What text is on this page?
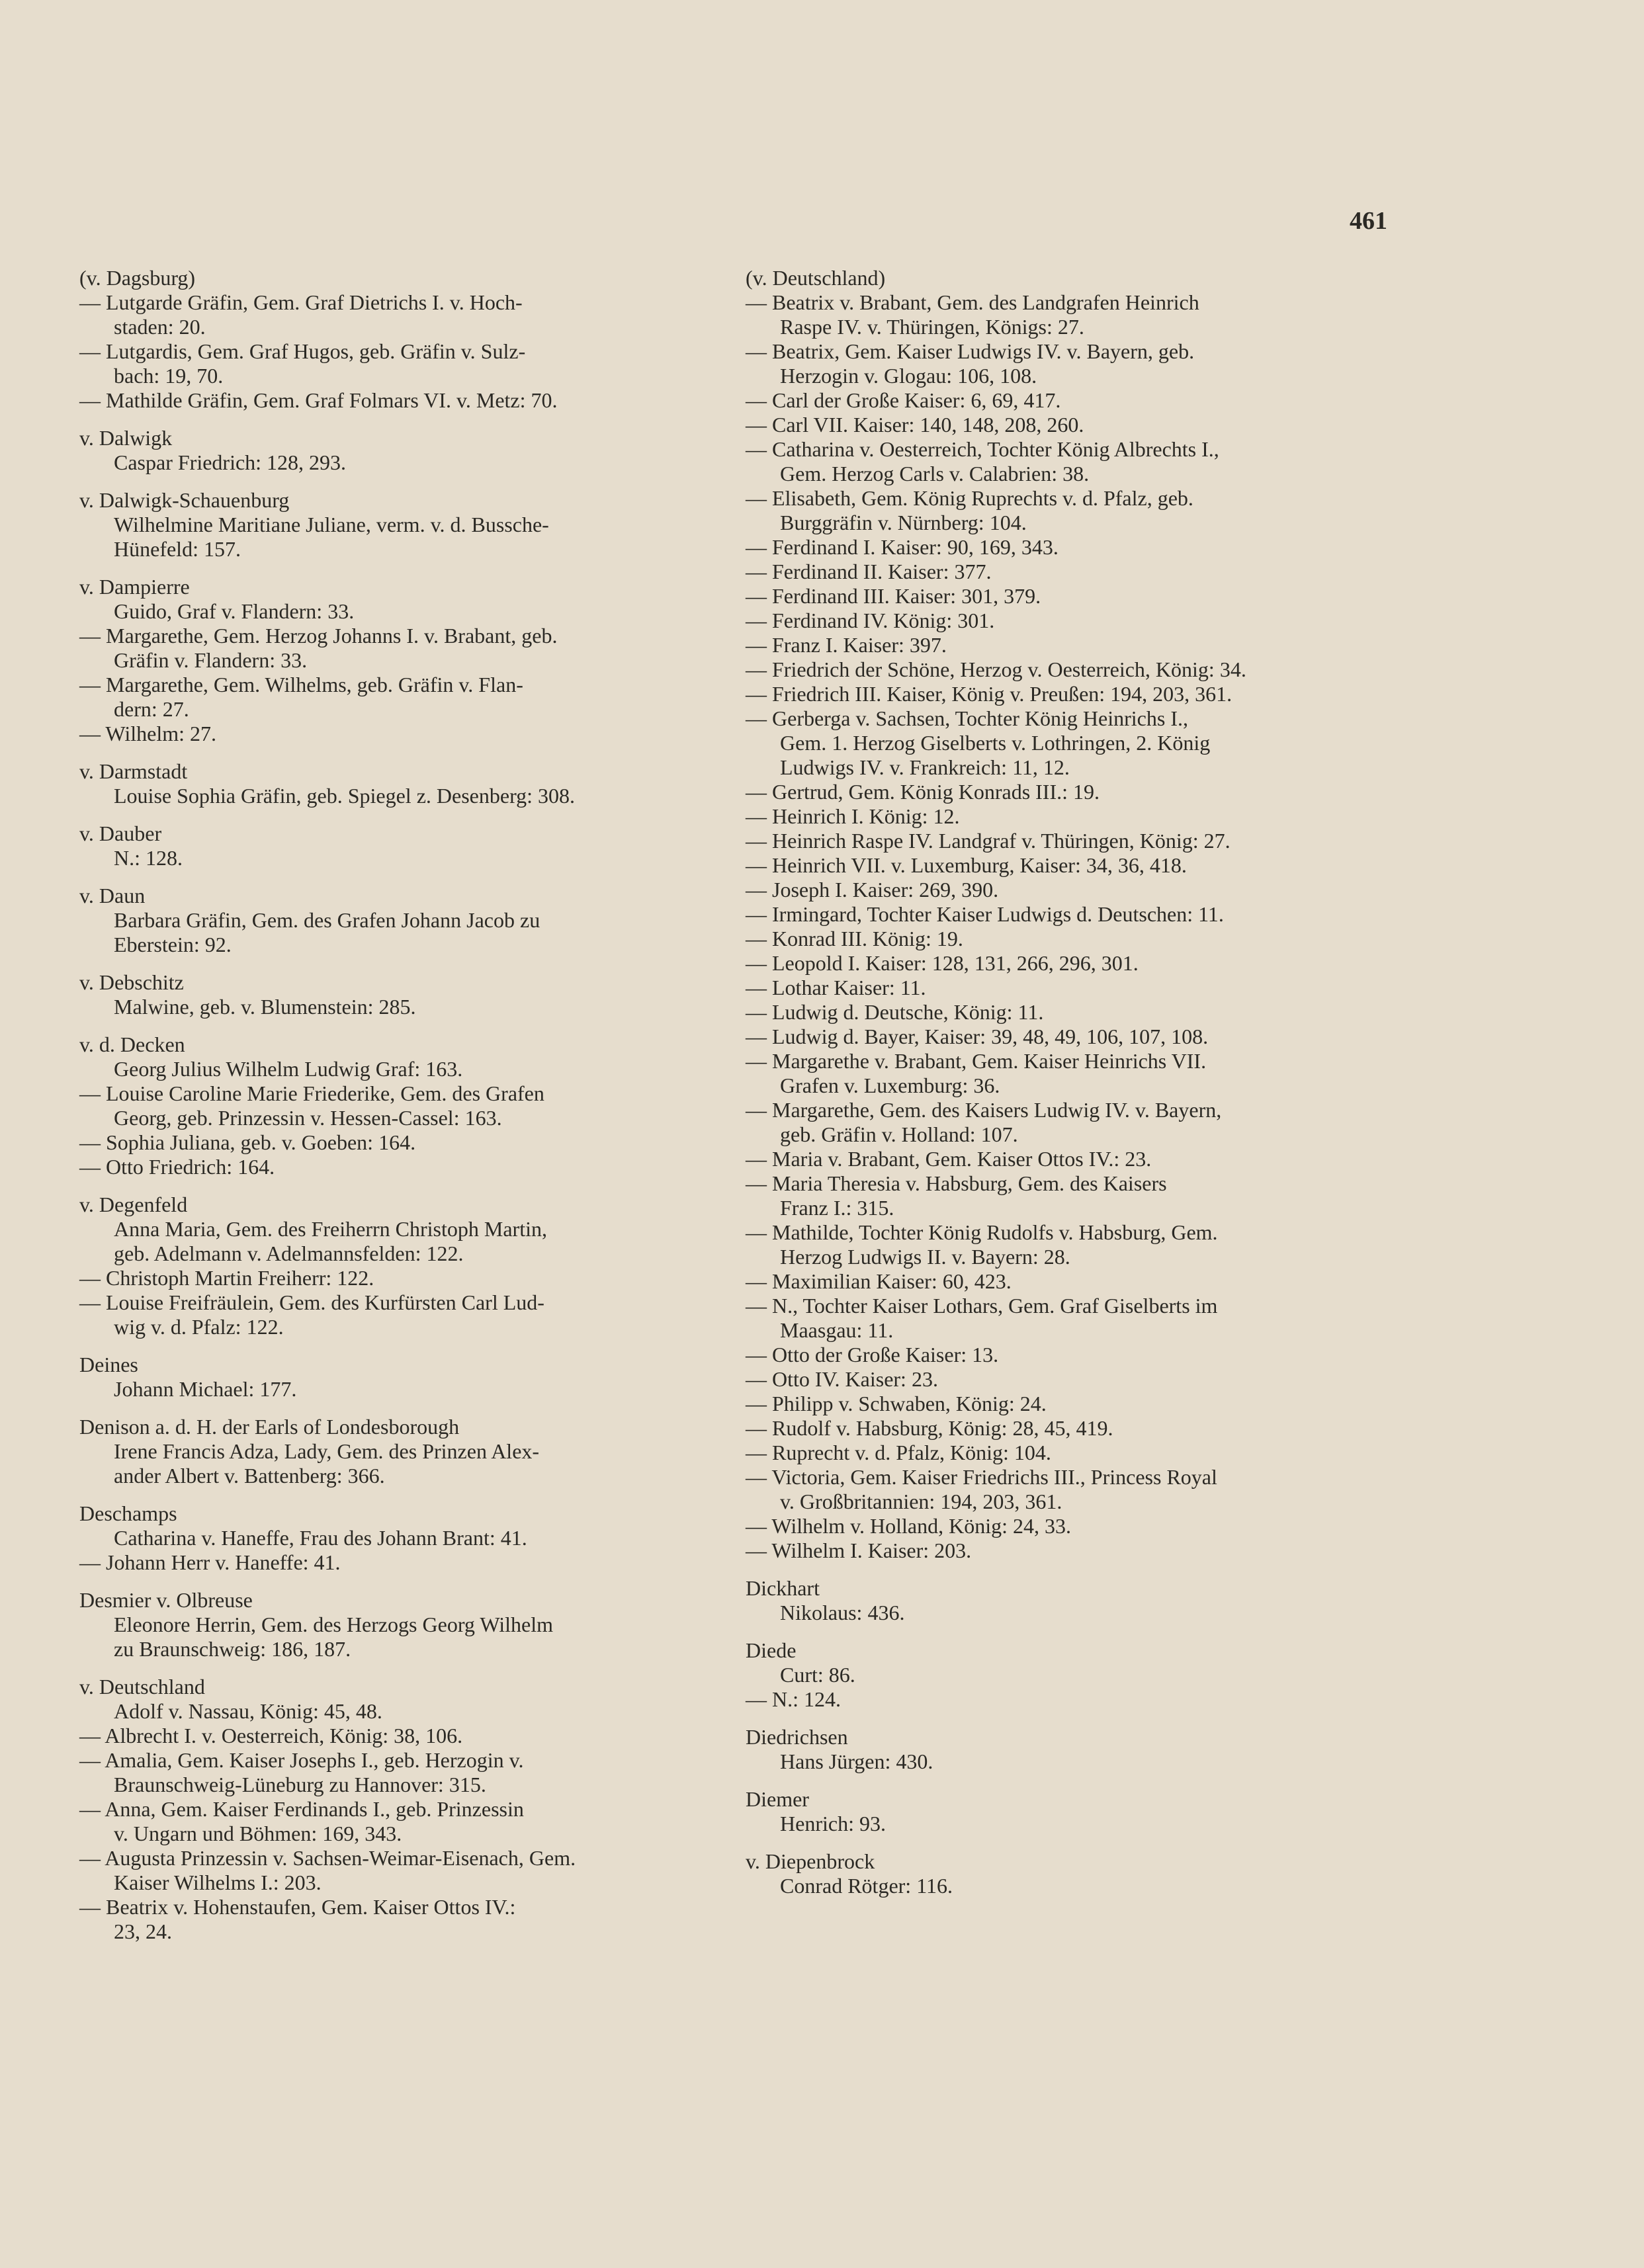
461
(v. Dagsburg)
— Lutgarde Gräfin, Gem. Graf Dietrichs I. v. Hoch-
staden: 20.
— Lutgardis, Gem. Graf Hugos, geb. Gräfin v. Sulz-
bach: 19, 70.
— Mathilde Gräfin, Gem. Graf Folmars VI. v. Metz: 70.
v. Dalwigk
Caspar Friedrich: 128, 293.
v. Dalwigk-Schauenburg
Wilhelmine Maritiane Juliane, verm. v. d. Bussche-
Hünefeld: 157.
v. Dampierre
Guido, Graf v. Flandern: 33.
— Margarethe, Gem. Herzog Johanns I. v. Brabant, geb.
Gräfin v. Flandern: 33.
— Margarethe, Gem. Wilhelms, geb. Gräfin v. Flan-
dern: 27.
— Wilhelm: 27.
v. Darmstadt
Louise Sophia Gräfin, geb. Spiegel z. Desenberg: 308.
v. Dauber
N.: 128.
v. Daun
Barbara Gräfin, Gem. des Grafen Johann Jacob zu
Eberstein: 92.
v. Debschitz
Malwine, geb. v. Blumenstein: 285.
v. d. Decken
Georg Julius Wilhelm Ludwig Graf: 163.
— Louise Caroline Marie Friederike, Gem. des Grafen
Georg, geb. Prinzessin v. Hessen-Cassel: 163.
— Sophia Juliana, geb. v. Goeben: 164.
— Otto Friedrich: 164.
v. Degenfeld
Anna Maria, Gem. des Freiherrn Christoph Martin,
geb. Adelmann v. Adelmannsfelden: 122.
— Christoph Martin Freiherr: 122.
— Louise Freifräulein, Gem. des Kurfürsten Carl Lud-
wig v. d. Pfalz: 122.
Deines
Johann Michael: 177.
Denison a. d. H. der Earls of Londesborough
Irene Francis Adza, Lady, Gem. des Prinzen Alex-
ander Albert v. Battenberg: 366.
Deschamps
Catharina v. Haneffe, Frau des Johann Brant: 41.
— Johann Herr v. Haneffe: 41.
Desmier v. Olbreuse
Eleonore Herrin, Gem. des Herzogs Georg Wilhelm
zu Braunschweig: 186, 187.
v. Deutschland
Adolf v. Nassau, König: 45, 48.
— Albrecht I. v. Oesterreich, König: 38, 106.
— Amalia, Gem. Kaiser Josephs I., geb. Herzogin v.
Braunschweig-Lüneburg zu Hannover: 315.
— Anna, Gem. Kaiser Ferdinands I., geb. Prinzessin
v. Ungarn und Böhmen: 169, 343.
— Augusta Prinzessin v. Sachsen-Weimar-Eisenach, Gem.
Kaiser Wilhelms I.: 203.
— Beatrix v. Hohenstaufen, Gem. Kaiser Ottos IV.:
23, 24.
(v. Deutschland)
— Beatrix v. Brabant, Gem. des Landgrafen Heinrich
Raspe IV. v. Thüringen, Königs: 27.
— Beatrix, Gem. Kaiser Ludwigs IV. v. Bayern, geb.
Herzogin v. Glogau: 106, 108.
— Carl der Große Kaiser: 6, 69, 417.
— Carl VII. Kaiser: 140, 148, 208, 260.
— Catharina v. Oesterreich, Tochter König Albrechts I.,
Gem. Herzog Carls v. Calabrien: 38.
— Elisabeth, Gem. König Ruprechts v. d. Pfalz, geb.
Burggräfin v. Nürnberg: 104.
— Ferdinand I. Kaiser: 90, 169, 343.
— Ferdinand II. Kaiser: 377.
— Ferdinand III. Kaiser: 301, 379.
— Ferdinand IV. König: 301.
— Franz I. Kaiser: 397.
— Friedrich der Schöne, Herzog v. Oesterreich, König: 34.
— Friedrich III. Kaiser, König v. Preußen: 194, 203, 361.
— Gerberga v. Sachsen, Tochter König Heinrichs I.,
Gem. 1. Herzog Giselberts v. Lothringen, 2. König
Ludwigs IV. v. Frankreich: 11, 12.
— Gertrud, Gem. König Konrads III.: 19.
— Heinrich I. König: 12.
— Heinrich Raspe IV. Landgraf v. Thüringen, König: 27.
— Heinrich VII. v. Luxemburg, Kaiser: 34, 36, 418.
— Joseph I. Kaiser: 269, 390.
— Irmingard, Tochter Kaiser Ludwigs d. Deutschen: 11.
— Konrad III. König: 19.
— Leopold I. Kaiser: 128, 131, 266, 296, 301.
— Lothar Kaiser: 11.
— Ludwig d. Deutsche, König: 11.
— Ludwig d. Bayer, Kaiser: 39, 48, 49, 106, 107, 108.
— Margarethe v. Brabant, Gem. Kaiser Heinrichs VII.
Grafen v. Luxemburg: 36.
— Margarethe, Gem. des Kaisers Ludwig IV. v. Bayern,
geb. Gräfin v. Holland: 107.
— Maria v. Brabant, Gem. Kaiser Ottos IV.: 23.
— Maria Theresia v. Habsburg, Gem. des Kaisers
Franz I.: 315.
— Mathilde, Tochter König Rudolfs v. Habsburg, Gem.
Herzog Ludwigs II. v. Bayern: 28.
— Maximilian Kaiser: 60, 423.
— N., Tochter Kaiser Lothars, Gem. Graf Giselberts im
Maasgau: 11.
— Otto der Große Kaiser: 13.
— Otto IV. Kaiser: 23.
— Philipp v. Schwaben, König: 24.
— Rudolf v. Habsburg, König: 28, 45, 419.
— Ruprecht v. d. Pfalz, König: 104.
— Victoria, Gem. Kaiser Friedrichs III., Princess Royal
v. Großbritannien: 194, 203, 361.
— Wilhelm v. Holland, König: 24, 33.
— Wilhelm I. Kaiser: 203.
Dickhart
Nikolaus: 436.
Diede
Curt: 86.
— N.: 124.
Diedrichsen
Hans Jürgen: 430.
Diemer
Henrich: 93.
v. Diepenbrock
Conrad Rötger: 116.
